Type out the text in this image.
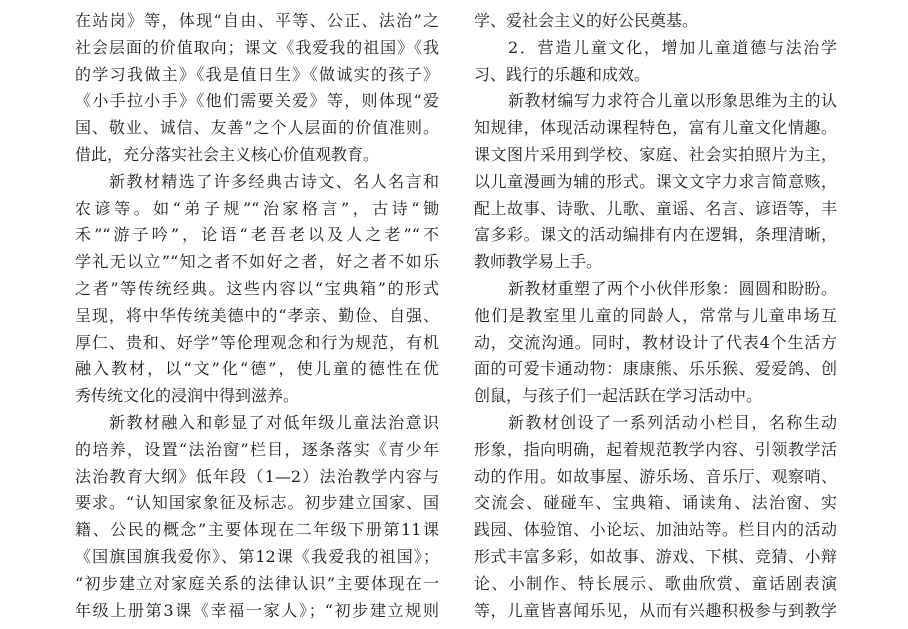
在站岗》等，体现“自由、平等、公正、法治”之
社会层面的价值取向；课文《我爱我的祖国》《我
的学习我做主》《我是值日生》《做诚实的孩子》
《小手拉小手》《他们需要关爱》等，则体现“爱
国、敬业、诚信、友善”之个人层面的价值准则。
借此，充分落实社会主义核心价值观教育。
新教材精选了许多经典古诗文、名人名言和
农谚等。如“弟子规”“治家格言”，古诗“锄
禾”“游子吟”，论语“老吾老以及人之老”“不
学礼无以立”“知之者不如好之者，好之者不如乐
之者”等传统经典。这些内容以“宝典箱”的形式
呈现，将中华传统美德中的“孝亲、勤俭、自强、
厚仁、贵和、好学”等伦理观念和行为规范，有机
融入教材，以“文”化“德”，使儿童的德性在优
秀传统文化的浸润中得到滋养。
新教材融入和彰显了对低年级儿童法治意识
的培养，设置“法治窗”栏目，逐条落实《青少年
法治教育大纲》低年段（1—2）法治教学内容与
要求。“认知国家象征及标志。初步建立国家、国
籍、公民的概念”主要体现在二年级下册第11课
《国旗国旗我爱你》、第12课《我爱我的祖国》；
“初步建立对家庭关系的法律认识”主要体现在一
年级上册第3课《幸福一家人》；“初步建立规则
学、爱社会主义的好公民奠基。
2．营造儿童文化，增加儿童道德与法治学
习、践行的乐趣和成效。
新教材编写力求符合儿童以形象思维为主的认
知规律，体现活动课程特色，富有儿童文化情趣。
课文图片采用到学校、家庭、社会实拍照片为主，
以儿童漫画为辅的形式。课文文字力求言简意赅，
配上故事、诗歌、儿歌、童谣、名言、谚语等，丰
富多彩。课文的活动编排有内在逻辑，条理清晰，
教师教学易上手。
新教材重塑了两个小伙伴形象：圆圆和盼盼。
他们是教室里儿童的同龄人，常常与儿童串场互
动，交流沟通。同时，教材设计了代表4个生活方
面的可爱卡通动物：康康熊、乐乐猴、爱爱鸽、创
创鼠，与孩子们一起活跃在学习活动中。
新教材创设了一系列活动小栏目，名称生动
形象，指向明确，起着规范教学内容、引领教学活
动的作用。如故事屋、游乐场、音乐厅、观察哨、
交流会、碰碰车、宝典箱、诵读角、法治窗、实
践园、体验馆、小论坛、加油站等。栏目内的活动
形式丰富多彩，如故事、游戏、下棋、竞猜、小辩
论、小制作、特长展示、歌曲欣赏、童话剧表演
等，儿童皆喜闻乐见，从而有兴趣积极参与到教学
